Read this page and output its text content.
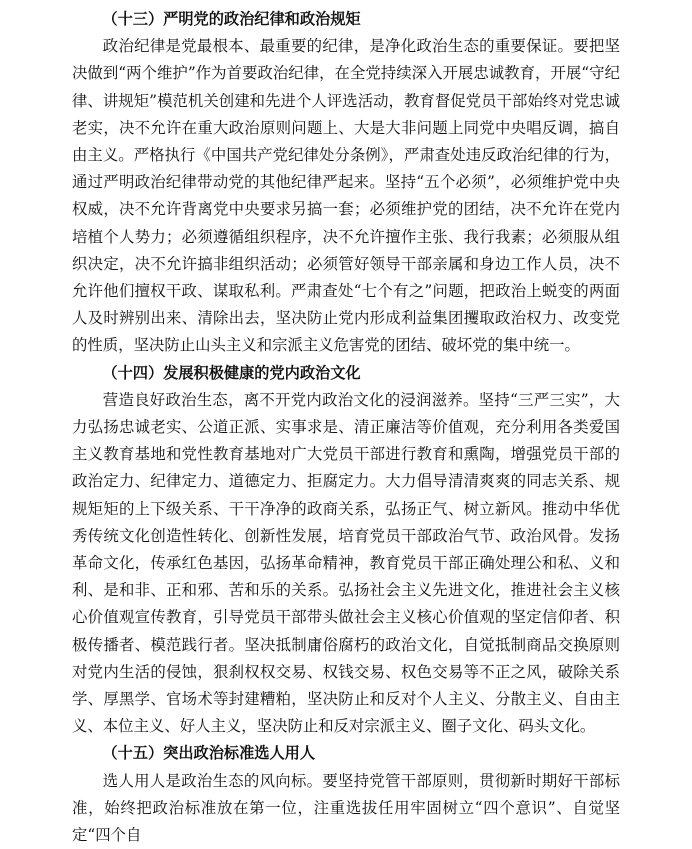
（十三）严明党的政治纪律和政治规矩

政治纪律是党最根本、最重要的纪律，是净化政治生态的重要保证。要把坚决做到“两个维护”作为首要政治纪律，在全党持续深入开展忠诚教育，开展“守纪律、讲规矩”模范机关创建和先进个人评选活动，教育督促党员干部始终对党忠诚老实，决不允许在重大政治原则问题上、大是大非问题上同党中央唱反调，搞自由主义。严格执行《中国共产党纪律处分条例》，严肃查处违反政治纪律的行为，通过严明政治纪律带动党的其他纪律严起来。坚持“五个必须”，必须维护党中央权威，决不允许背离党中央要求另搞一套；必须维护党的团结，决不允许在党内培植个人势力；必须遵循组织程序，决不允许擅作主张、我行我素；必须服从组织决定，决不允许搞非组织活动；必须管好领导干部亲属和身边工作人员，决不允许他们擅权干政、谋取私利。严肃查处“七个有之”问题，把政治上蜕变的两面人及时辨别出来、清除出去，坚决防止党内形成利益集团攫取政治权力、改变党的性质，坚决防止山头主义和宗派主义危害党的团结、破坏党的集中统一。

（十四）发展积极健康的党内政治文化

营造良好政治生态，离不开党内政治文化的浸润滋养。坚持“三严三实”，大力弘扬忠诚老实、公道正派、实事求是、清正廉洁等价值观，充分利用各类爱国主义教育基地和党性教育基地对广大党员干部进行教育和熏陶，增强党员干部的政治定力、纪律定力、道德定力、拒腐定力。大力倡导清清爽爽的同志关系、规规矩矩的上下级关系、干干净净的政商关系，弘扬正气、树立新风。推动中华优秀传统文化创造性转化、创新性发展，培育党员干部政治气节、政治风骨。发扬革命文化，传承红色基因，弘扬革命精神，教育党员干部正确处理公和私、义和利、是和非、正和邪、苦和乐的关系。弘扬社会主义先进文化，推进社会主义核心价值观宣传教育，引导党员干部带头做社会主义核心价值观的坚定信仰者、积极传播者、模范践行者。坚决抵制庸俗腐朽的政治文化，自觉抵制商品交换原则对党内生活的侵蚀，狠刹权权交易、权钱交易、权色交易等不正之风，破除关系学、厚黑学、官场术等封建糟粕，坚决防止和反对个人主义、分散主义、自由主义、本位主义、好人主义，坚决防止和反对宗派主义、圈子文化、码头文化。

（十五）突出政治标准选人用人

选人用人是政治生态的风向标。要坚持党管干部原则，贯彻新时期好干部标准，始终把政治标准放在第一位，注重选拔任用牢固树立“四个意识”、自觉坚定“四个自
